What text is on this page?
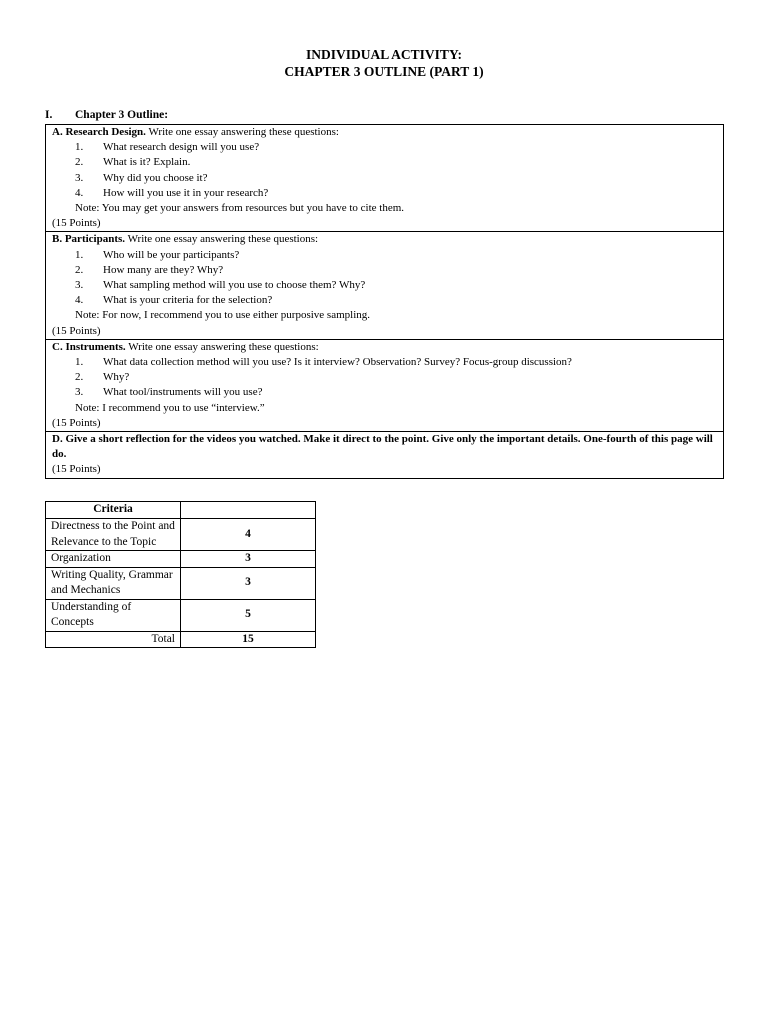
INDIVIDUAL ACTIVITY:
CHAPTER 3 OUTLINE (PART 1)
I. Chapter 3 Outline:
A. Research Design. Write one essay answering these questions:
1.	What research design will you use?
2.	What is it? Explain.
3.	Why did you choose it?
4.	How will you use it in your research?
Note: You may get your answers from resources but you have to cite them.
(15 Points)
B. Participants. Write one essay answering these questions:
1.	Who will be your participants?
2.	How many are they? Why?
3.	What sampling method will you use to choose them? Why?
4.	What is your criteria for the selection?
Note: For now, I recommend you to use either purposive sampling.
(15 Points)
C. Instruments. Write one essay answering these questions:
1.	What data collection method will you use? Is it interview? Observation? Survey? Focus-group discussion?
2.	Why?
3.	What tool/instruments will you use?
Note: I recommend you to use “interview.”
(15 Points)
D. Give a short reflection for the videos you watched. Make it direct to the point. Give only the important details. One-fourth of this page will do.
(15 Points)
Criteria	
Directness to the Point and Relevance to the Topic	4
Organization	3
Writing Quality, Grammar and Mechanics	3
Understanding of Concepts	5
Total	15
